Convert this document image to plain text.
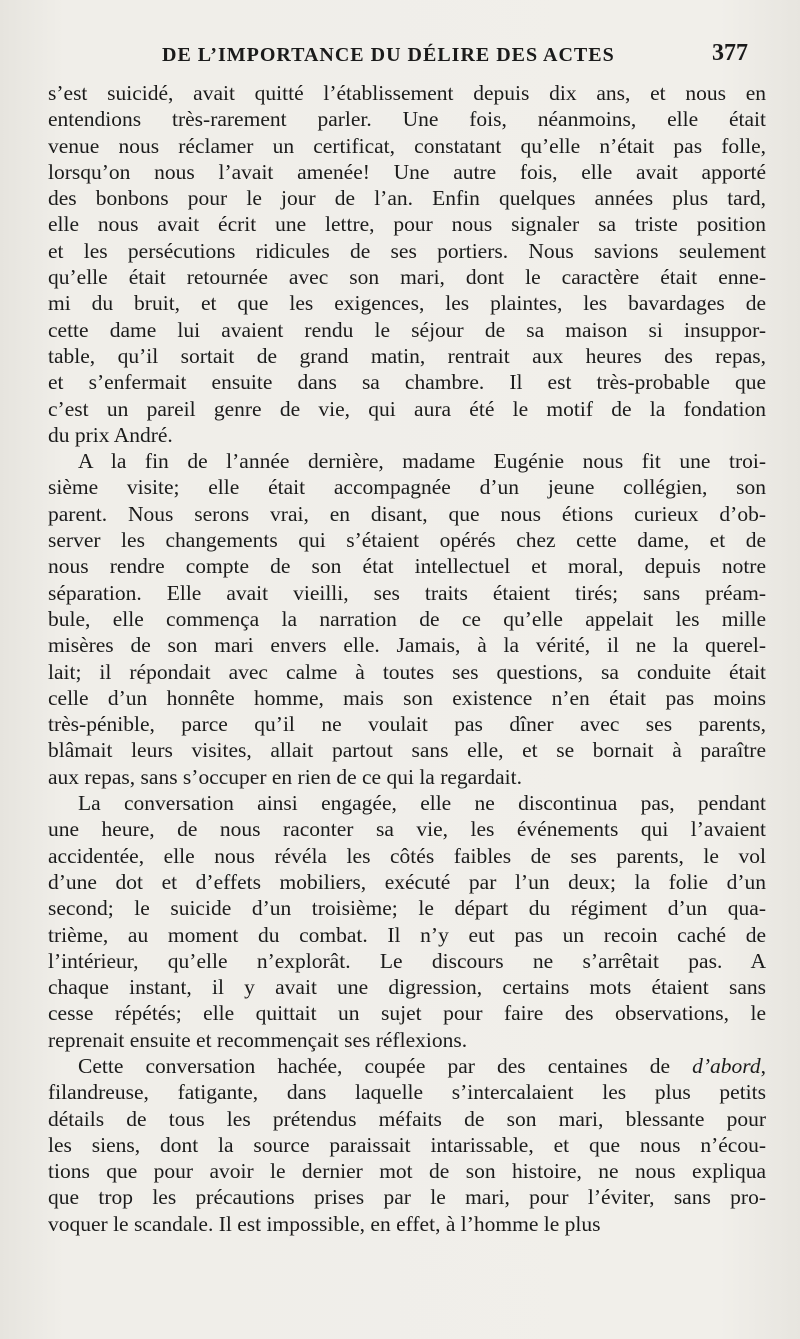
DE L’IMPORTANCE DU DÉLIRE DES ACTES	377
s’est suicidé, avait quitté l’établissement depuis dix ans, et nous en
entendions très-rarement parler. Une fois, néanmoins, elle était
venue nous réclamer un certificat, constatant qu’elle n’était pas folle,
lorsqu’on nous l’avait amenée! Une autre fois, elle avait apporté
des bonbons pour le jour de l’an. Enfin quelques années plus tard,
elle nous avait écrit une lettre, pour nous signaler sa triste position
et les persécutions ridicules de ses portiers. Nous savions seulement
qu’elle était retournée avec son mari, dont le caractère était enne-
mi du bruit, et que les exigences, les plaintes, les bavardages de
cette dame lui avaient rendu le séjour de sa maison si insuppor-
table, qu’il sortait de grand matin, rentrait aux heures des repas,
et s’enfermait ensuite dans sa chambre. Il est très-probable que
c’est un pareil genre de vie, qui aura été le motif de la fondation
du prix André.
A la fin de l’année dernière, madame Eugénie nous fit une troi-
sième visite; elle était accompagnée d’un jeune collégien, son
parent. Nous serons vrai, en disant, que nous étions curieux d’ob-
server les changements qui s’étaient opérés chez cette dame, et de
nous rendre compte de son état intellectuel et moral, depuis notre
séparation. Elle avait vieilli, ses traits étaient tirés; sans préam-
bule, elle commença la narration de ce qu’elle appelait les mille
misères de son mari envers elle. Jamais, à la vérité, il ne la querel-
lait; il répondait avec calme à toutes ses questions, sa conduite était
celle d’un honnête homme, mais son existence n’en était pas moins
très-pénible, parce qu’il ne voulait pas dîner avec ses parents,
blâmait leurs visites, allait partout sans elle, et se bornait à paraître
aux repas, sans s’occuper en rien de ce qui la regardait.
La conversation ainsi engagée, elle ne discontinua pas, pendant
une heure, de nous raconter sa vie, les événements qui l’avaient
accidentée, elle nous révéla les côtés faibles de ses parents, le vol
d’une dot et d’effets mobiliers, exécuté par l’un deux; la folie d’un
second; le suicide d’un troisième; le départ du régiment d’un qua-
trième, au moment du combat. Il n’y eut pas un recoin caché de
l’intérieur, qu’elle n’explorât. Le discours ne s’arrêtait pas. A
chaque instant, il y avait une digression, certains mots étaient sans
cesse répétés; elle quittait un sujet pour faire des observations, le
reprenait ensuite et recommençait ses réflexions.
Cette conversation hachée, coupée par des centaines de d’abord,
filandreuse, fatigante, dans laquelle s’intercalaient les plus petits
détails de tous les prétendus méfaits de son mari, blessante pour
les siens, dont la source paraissait intarissable, et que nous n’écou-
tions que pour avoir le dernier mot de son histoire, ne nous expliqua
que trop les précautions prises par le mari, pour l’éviter, sans pro-
voquer le scandale. Il est impossible, en effet, à l’homme le plus
